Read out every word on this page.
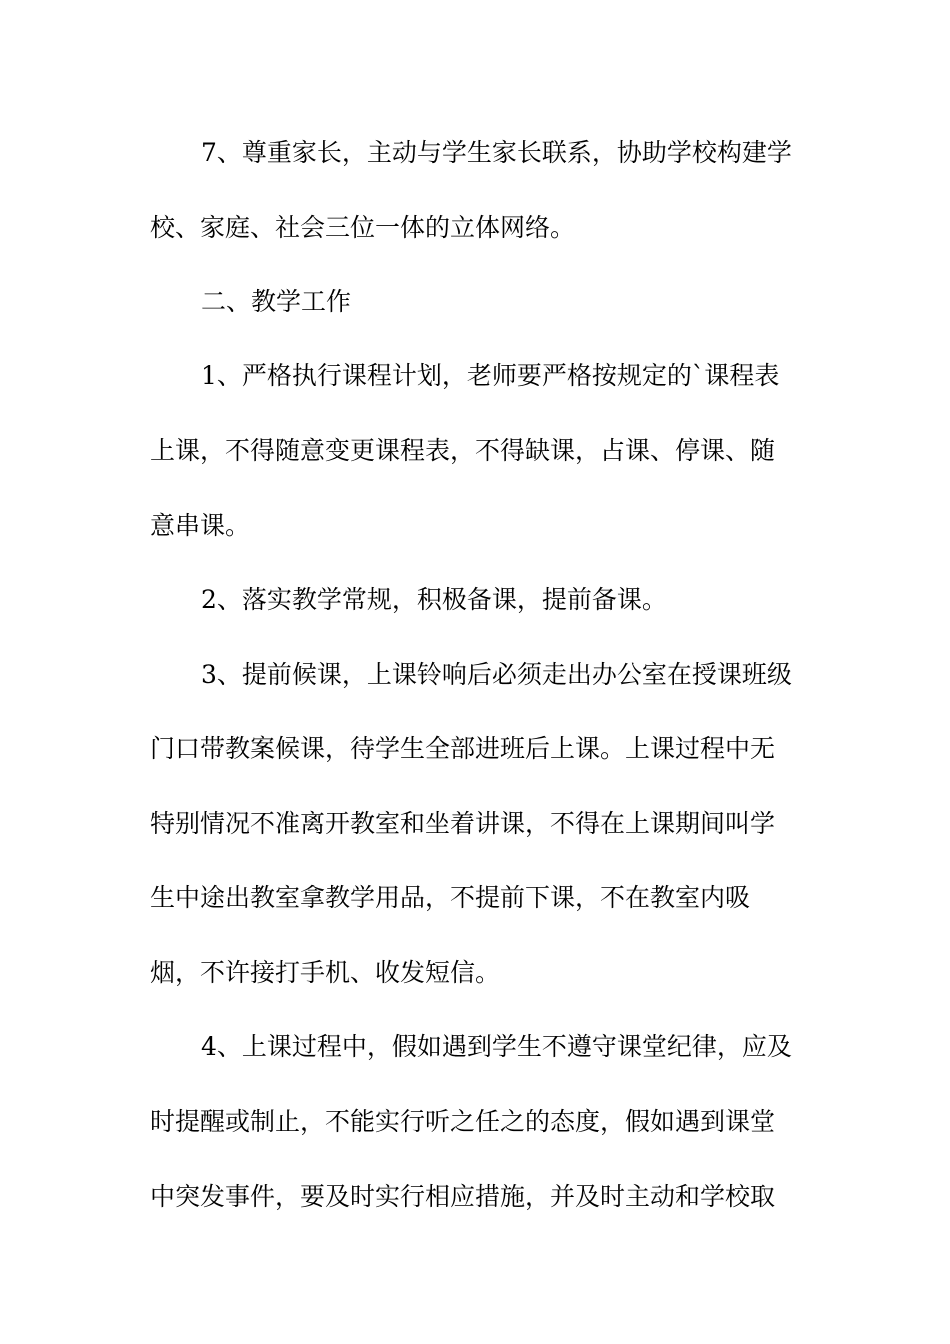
7、尊重家长，主动与学生家长联系，协助学校构建学

校、家庭、社会三位一体的立体网络。

二、教学工作

1、严格执行课程计划，老师要严格按规定的`课程表

上课，不得随意变更课程表，不得缺课，占课、停课、随

意串课。

2、落实教学常规，积极备课，提前备课。

3、提前候课，上课铃响后必须走出办公室在授课班级

门口带教案候课，待学生全部进班后上课。上课过程中无

特别情况不准离开教室和坐着讲课，不得在上课期间叫学

生中途出教室拿教学用品，不提前下课，不在教室内吸

烟，不许接打手机、收发短信。

4、上课过程中，假如遇到学生不遵守课堂纪律，应及

时提醒或制止，不能实行听之任之的态度，假如遇到课堂

中突发事件，要及时实行相应措施，并及时主动和学校取
